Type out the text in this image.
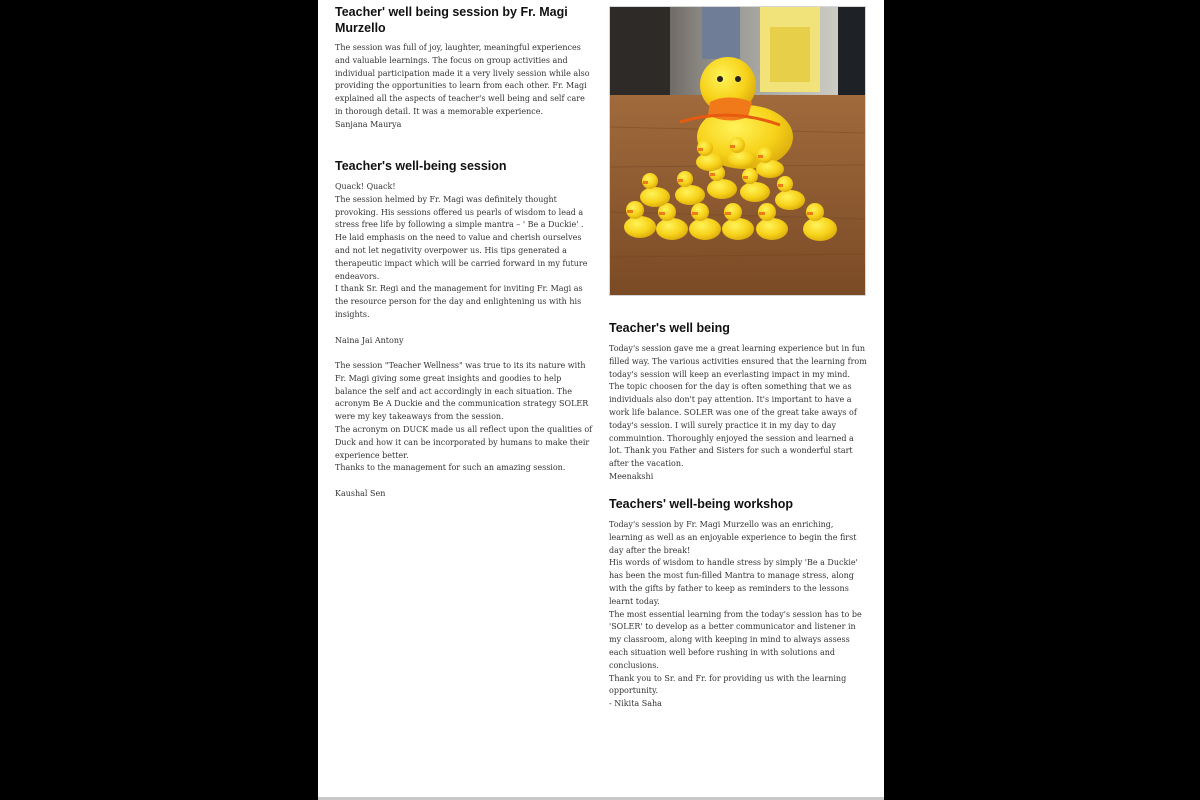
Teacher' well being session by Fr. Magi Murzello

The session was full of joy, laughter, meaningful experiences and valuable learnings. The focus on group activities and individual participation made it a very lively session while also providing the opportunities to learn from each other. Fr. Magi explained all the aspects of teacher's well being and self care in thorough detail. It was a memorable experience.

Sanjana Maurya

Teacher's well-being session

Quack! Quack!
The session helmed by Fr. Magi was definitely thought provoking. His sessions offered us pearls of wisdom to lead a stress free life by following a simple mantra – ' Be a Duckie' . He laid emphasis on the need to value and cherish ourselves and not let negativity overpower us. His tips generated a therapeutic impact which will be carried forward in my future endeavors.
I thank Sr. Regi and the management for inviting Fr. Magi as the resource person for the day and enlightening us with his insights.

Naina Jai Antony

The session "Teacher Wellness" was true to its its nature with Fr. Magi giving some great insights and goodies to help balance the self and act accordingly in each situation. The acronym Be A Duckie and the communication strategy SOLER were my key takeaways from the session.
The acronym on DUCK made us all reflect upon the qualities of Duck and how it can be incorporated by humans to make their experience better.
Thanks to the management for such an amazing session.

Kaushal Sen

Teacher's well being

Today's session gave me a great learning experience but in fun filled way. The various activities ensured that the learning from today's session will keep an everlasting impact in my mind. The topic choosen for the day is often something that we as individuals also don't pay attention. It's important to have a work life balance. SOLER was one of the great take aways of today's session. I will surely practice it in my day to day commuintion. Thoroughly enjoyed the session and learned a lot. Thank you Father and Sisters for such a wonderful start after the vacation.

Meenakshi

Teachers' well-being workshop

Today's session by Fr. Magi Murzello was an enriching, learning as well as an enjoyable experience to begin the first day after the break!
His words of wisdom to handle stress by simply 'Be a Duckie' has been the most fun-filled Mantra to manage stress, along with the gifts by father to keep as reminders to the lessons learnt today.
The most essential learning from the today's session has to be 'SOLER' to develop as a better communicator and listener in my classroom, along with keeping in mind to always assess each situation well before rushing in with solutions and conclusions.
Thank you to Sr. and Fr. for providing us with the learning opportunity.

- Nikita Saha
